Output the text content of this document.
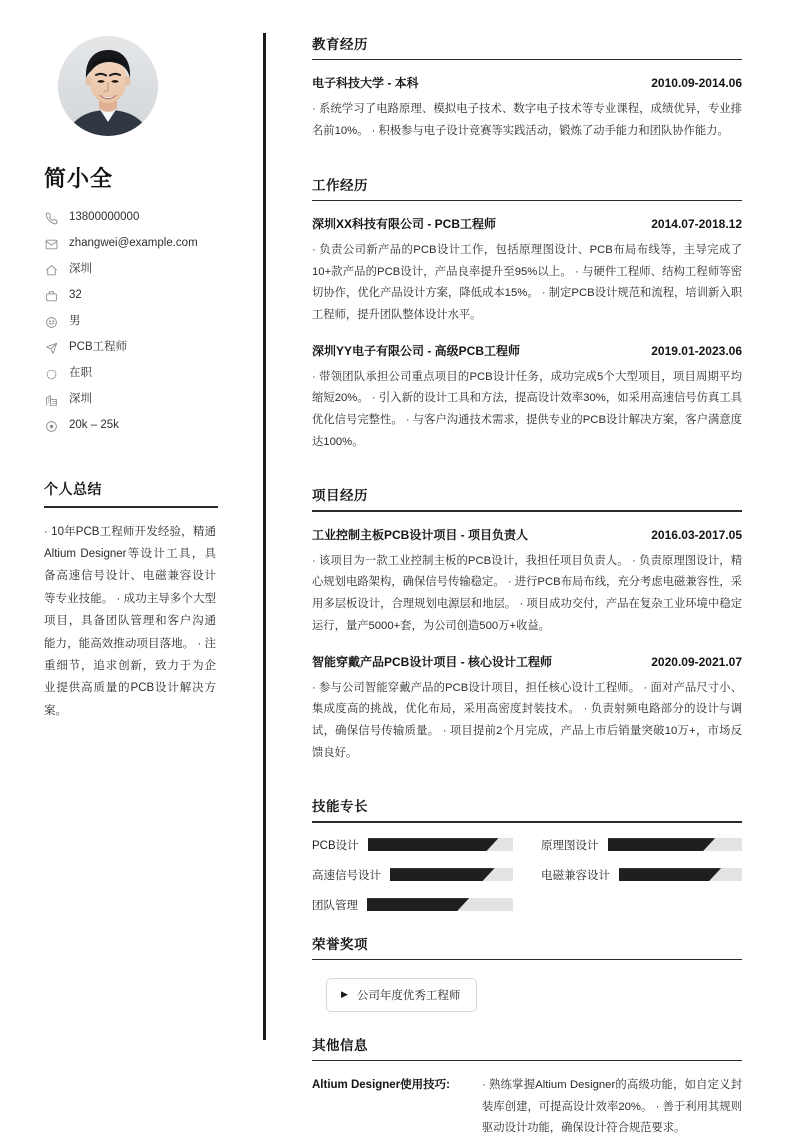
简小全
13800000000
zhangwei@example.com
深圳
32
男
PCB工程师
在职
深圳
20k – 25k
个人总结
· 10年PCB工程师开发经验，精通Altium Designer等设计工具，具备高速信号设计、电磁兼容设计等专业技能。 · 成功主导多个大型项目，具备团队管理和客户沟通能力，能高效推动项目落地。 · 注重细节，追求创新，致力于为企业提供高质量的PCB设计解决方案。
教育经历
电子科技大学 - 本科	2010.09-2014.06
· 系统学习了电路原理、模拟电子技术、数字电子技术等专业课程，成绩优异，专业排名前10%。 · 积极参与电子设计竞赛等实践活动，锻炼了动手能力和团队协作能力。
工作经历
深圳XX科技有限公司 - PCB工程师	2014.07-2018.12
· 负责公司新产品的PCB设计工作，包括原理图设计、PCB布局布线等，主导完成了10+款产品的PCB设计，产品良率提升至95%以上。 · 与硬件工程师、结构工程师等密切协作，优化产品设计方案，降低成本15%。 · 制定PCB设计规范和流程，培训新入职工程师，提升团队整体设计水平。
深圳YY电子有限公司 - 高级PCB工程师	2019.01-2023.06
· 带领团队承担公司重点项目的PCB设计任务，成功完成5个大型项目，项目周期平均缩短20%。 · 引入新的设计工具和方法，提高设计效率30%，如采用高速信号仿真工具优化信号完整性。 · 与客户沟通技术需求，提供专业的PCB设计解决方案，客户满意度达100%。
项目经历
工业控制主板PCB设计项目 - 项目负责人	2016.03-2017.05
· 该项目为一款工业控制主板的PCB设计，我担任项目负责人。 · 负责原理图设计，精心规划电路架构，确保信号传输稳定。 · 进行PCB布局布线，充分考虑电磁兼容性，采用多层板设计，合理规划电源层和地层。 · 项目成功交付，产品在复杂工业环境中稳定运行，量产5000+套，为公司创造500万+收益。
智能穿戴产品PCB设计项目 - 核心设计工程师	2020.09-2021.07
· 参与公司智能穿戴产品的PCB设计项目，担任核心设计工程师。 · 面对产品尺寸小、集成度高的挑战，优化布局，采用高密度封装技术。 · 负责射频电路部分的设计与调试，确保信号传输质量。 · 项目提前2个月完成，产品上市后销量突破10万+，市场反馈良好。
技能专长
PCB设计	原理图设计
高速信号设计	电磁兼容设计
团队管理
荣誉奖项
▶ 公司年度优秀工程师
其他信息
Altium Designer使用技巧:	· 熟练掌握Altium Designer的高级功能，如自定义封装库创建，可提高设计效率20%。 · 善于利用其规则驱动设计功能，确保设计符合规范要求。
